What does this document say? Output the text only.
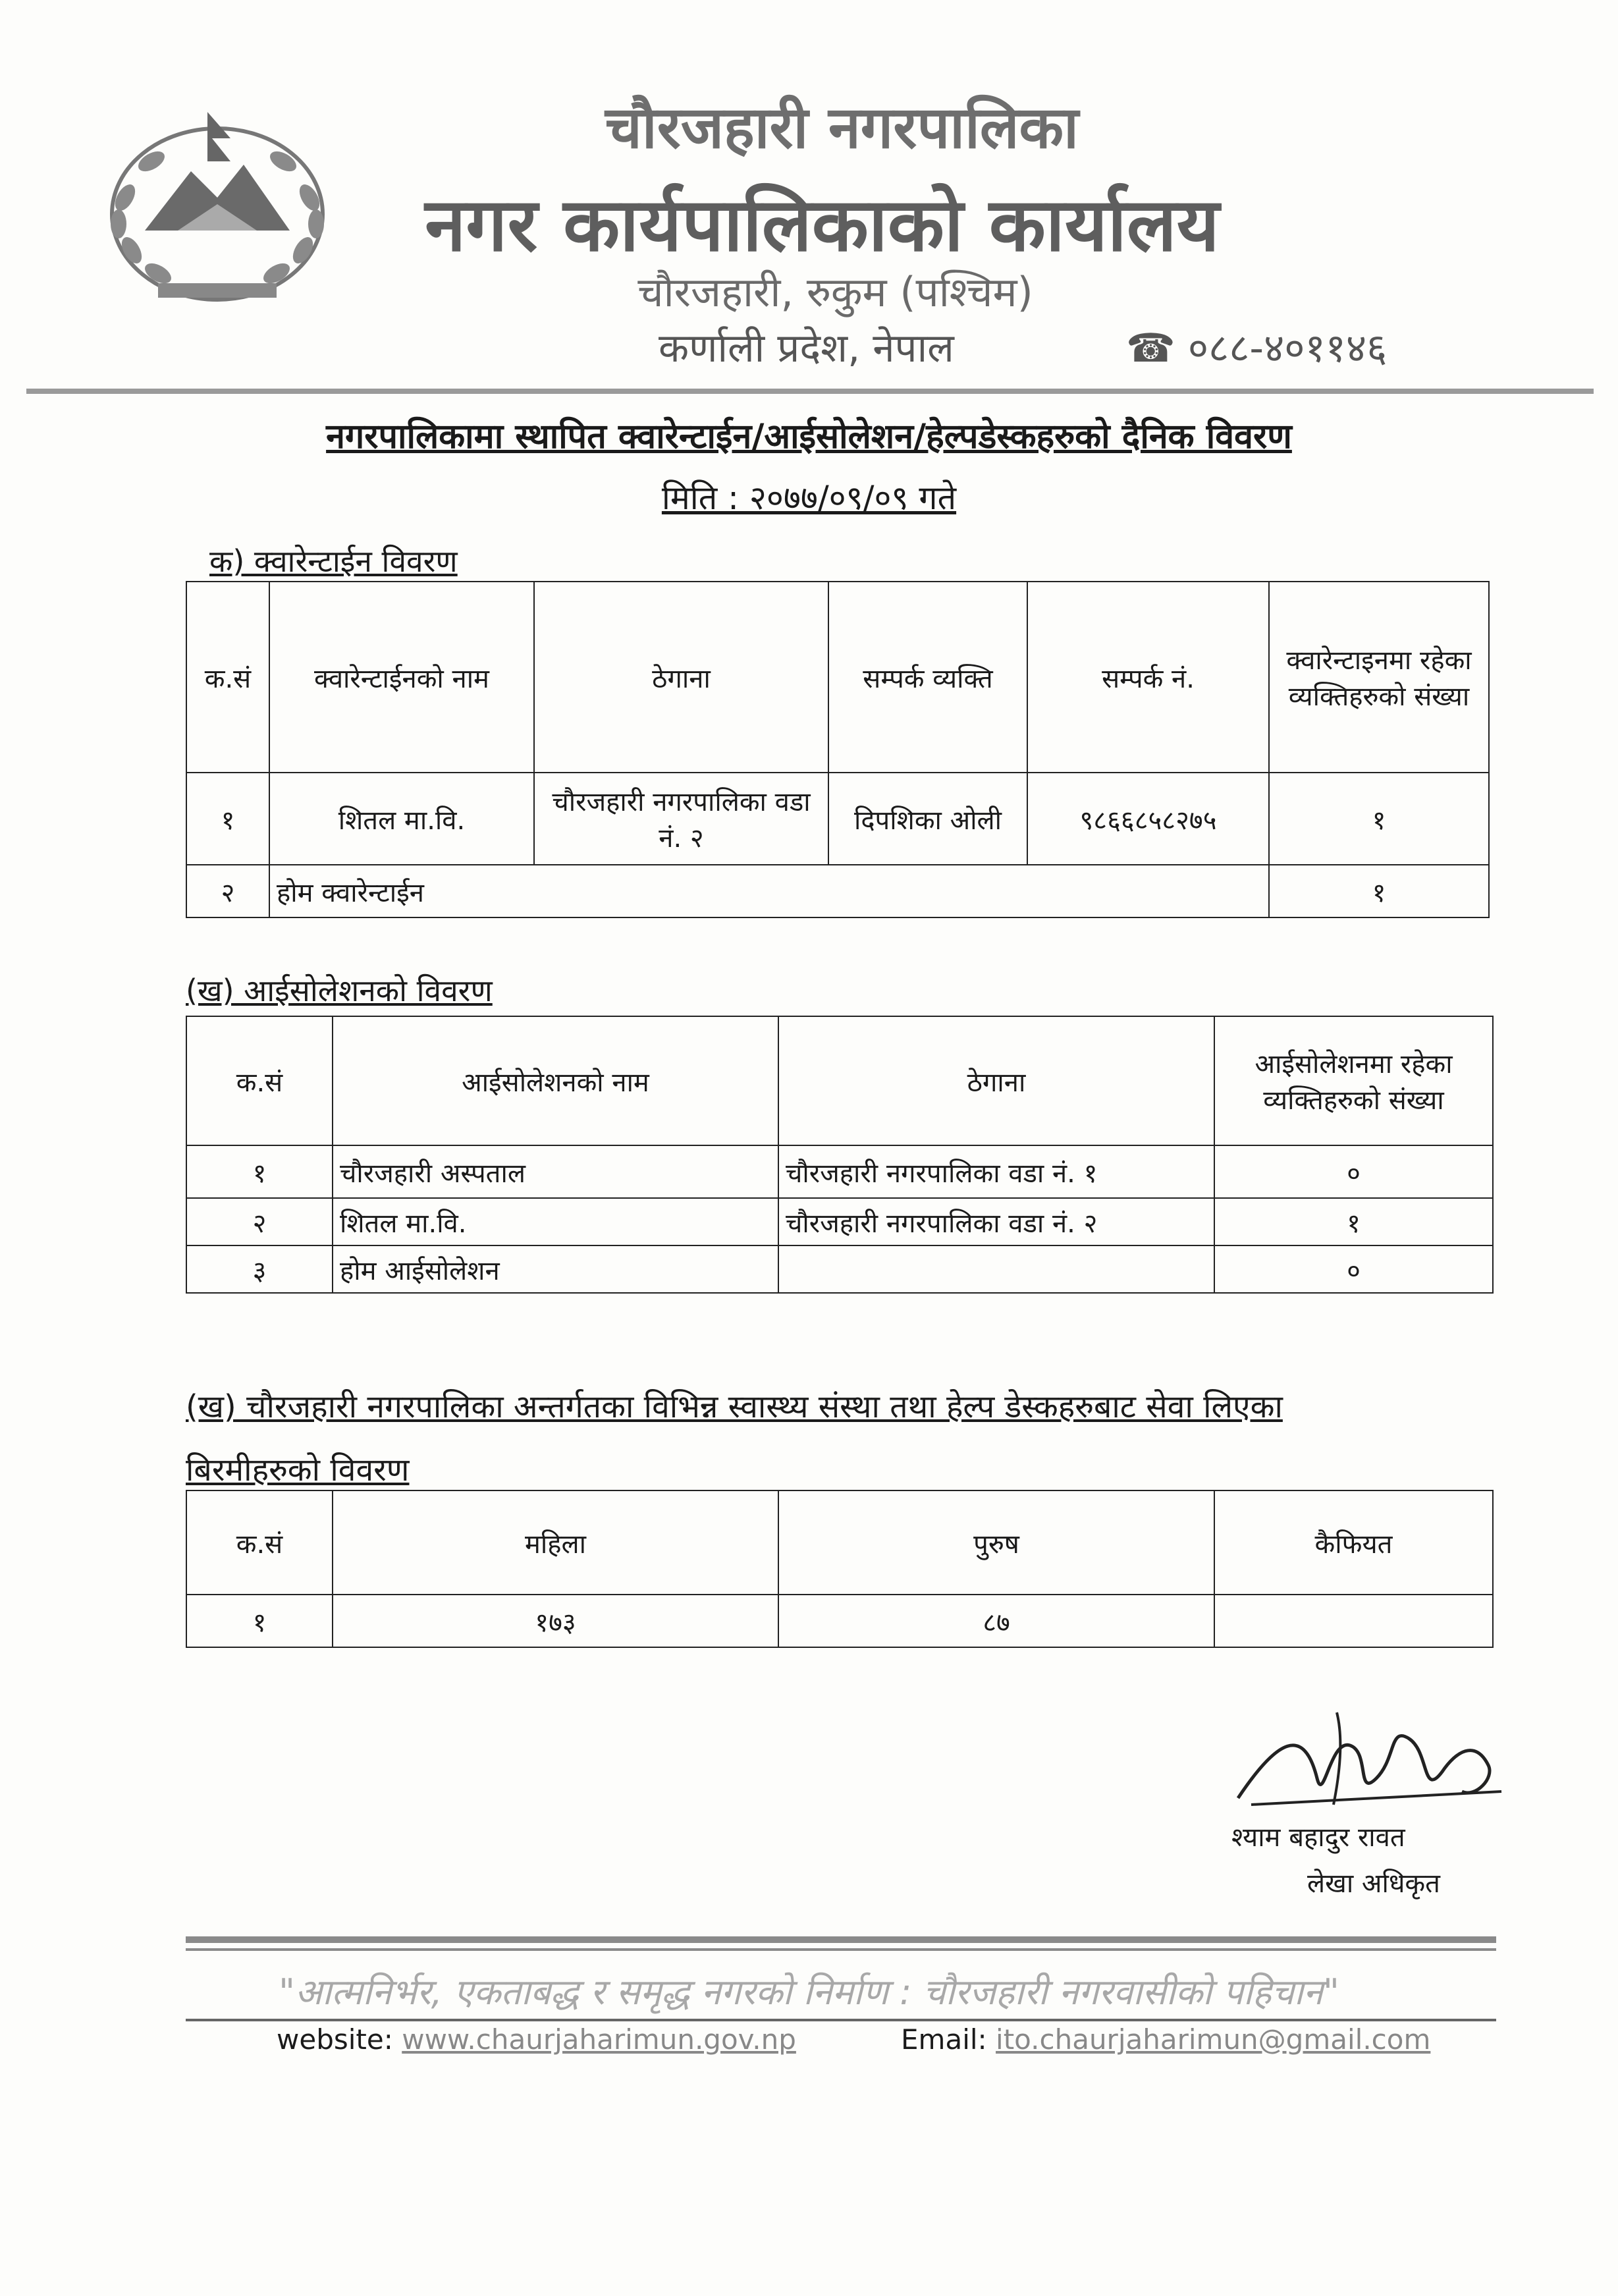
चौरजहारी नगरपालिका
नगर कार्यपालिकाको कार्यालय
चौरजहारी, रुकुम (पश्चिम)
कर्णाली प्रदेश, नेपाल	☎ ०८८-४०११४६
नगरपालिकामा स्थापित क्वारेन्टाईन/आईसोलेशन/हेल्पडेस्कहरुको दैनिक विवरण
मिति : २०७७/०९/०९ गते
क) क्वारेन्टाईन विवरण
क.सं	क्वारेन्टाईनको नाम	ठेगाना	सम्पर्क व्यक्ति	सम्पर्क नं.	क्वारेन्टाइनमा रहेका व्यक्तिहरुको संख्या
१	शितल मा.वि.	चौरजहारी नगरपालिका वडा नं. २	दिपशिका ओली	९८६६८५८२७५	१
२	होम क्वारेन्टाईन				१
(ख) आईसोलेशनको विवरण
क.सं	आईसोलेशनको नाम	ठेगाना	आईसोलेशनमा रहेका व्यक्तिहरुको संख्या
१	चौरजहारी अस्पताल	चौरजहारी नगरपालिका वडा नं. १	०
२	शितल मा.वि.	चौरजहारी नगरपालिका वडा नं. २	१
३	होम आईसोलेशन		०
(ख) चौरजहारी नगरपालिका अन्तर्गतका विभिन्न स्वास्थ्य संस्था तथा हेल्प डेस्कहरुबाट सेवा लिएका
बिरमीहरुको विवरण
क.सं	महिला	पुरुष	कैफियत
१	१७३	८७	
श्याम बहादुर रावत
लेखा अधिकृत
"आत्मनिर्भर, एकताबद्ध र समृद्ध नगरको निर्माण : चौरजहारी नगरवासीको पहिचान"
website: www.chaurjaharimun.gov.np	Email: ito.chaurjaharimun@gmail.com
